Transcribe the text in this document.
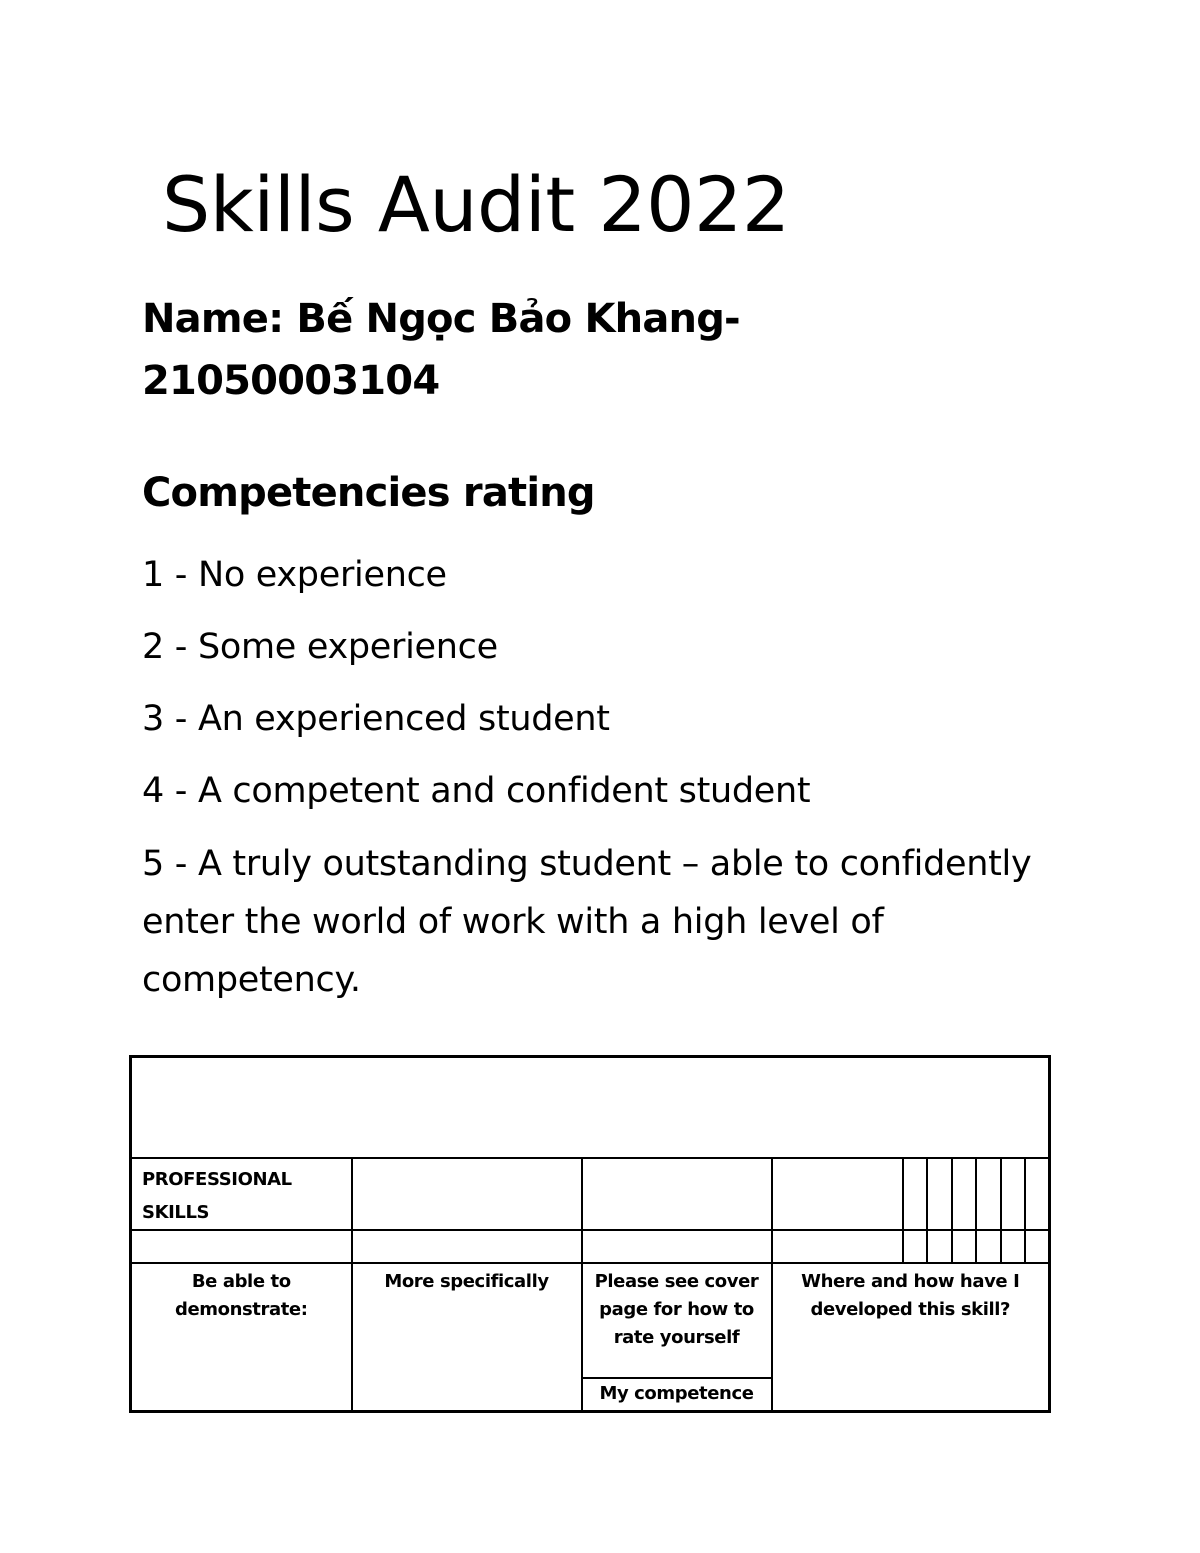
Skills Audit 2022
Name: Bế Ngọc Bảo Khang-
21050003104
Competencies rating
1 - No experience
2 - Some experience
3 - An experienced student
4 - A competent and confident student
5 - A truly outstanding student – able to confidently enter the world of work with a high level of competency.

PROFESSIONAL SKILLS									

Be able to demonstrate:	More specifically	Please see cover page for how to rate yourself	Where and how have I developed this skill?						
		My competence							
